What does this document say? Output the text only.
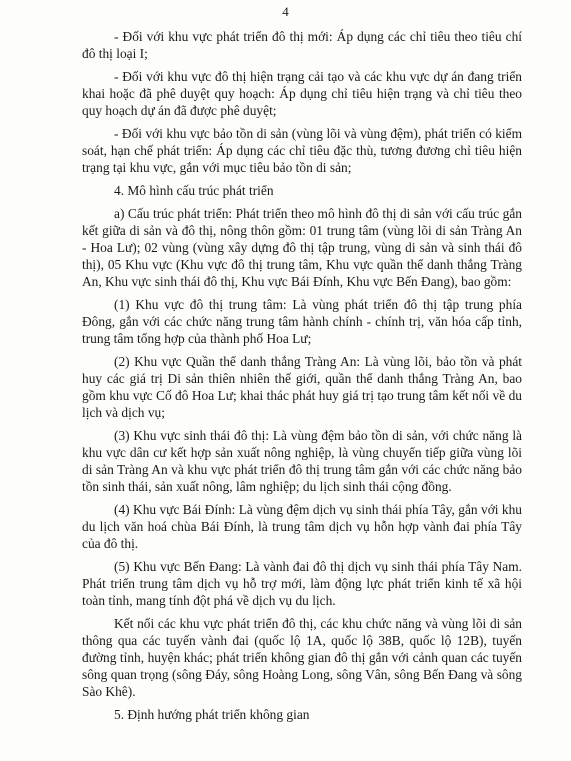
4

- Đối với khu vực phát triển đô thị mới: Áp dụng các chỉ tiêu theo tiêu chí đô thị loại I;

- Đối với khu vực đô thị hiện trạng cải tạo và các khu vực dự án đang triển khai hoặc đã phê duyệt quy hoạch: Áp dụng chỉ tiêu hiện trạng và chỉ tiêu theo quy hoạch dự án đã được phê duyệt;

- Đối với khu vực bảo tồn di sản (vùng lõi và vùng đệm), phát triển có kiểm soát, hạn chế phát triển: Áp dụng các chỉ tiêu đặc thù, tương đương chỉ tiêu hiện trạng tại khu vực, gắn với mục tiêu bảo tồn di sản;

4. Mô hình cấu trúc phát triển

a) Cấu trúc phát triển: Phát triển theo mô hình đô thị di sản với cấu trúc gắn kết giữa di sản và đô thị, nông thôn gồm: 01 trung tâm (vùng lõi di sản Tràng An - Hoa Lư); 02 vùng (vùng xây dựng đô thị tập trung, vùng di sản và sinh thái đô thị), 05 Khu vực (Khu vực đô thị trung tâm, Khu vực quần thể danh thắng Tràng An, Khu vực sinh thái đô thị, Khu vực Bái Đính, Khu vực Bến Đang), bao gồm:

(1) Khu vực đô thị trung tâm: Là vùng phát triển đô thị tập trung phía Đông, gắn với các chức năng trung tâm hành chính - chính trị, văn hóa cấp tỉnh, trung tâm tổng hợp của thành phố Hoa Lư;

(2) Khu vực Quần thể danh thắng Tràng An: Là vùng lõi, bảo tồn và phát huy các giá trị Di sản thiên nhiên thế giới, quần thể danh thắng Tràng An, bao gồm khu vực Cố đô Hoa Lư; khai thác phát huy giá trị tạo trung tâm kết nối về du lịch và dịch vụ;

(3) Khu vực sinh thái đô thị: Là vùng đệm bảo tồn di sản, với chức năng là khu vực dân cư kết hợp sản xuất nông nghiệp, là vùng chuyển tiếp giữa vùng lõi di sản Tràng An và khu vực phát triển đô thị trung tâm gắn với các chức năng bảo tồn sinh thái, sản xuất nông, lâm nghiệp; du lịch sinh thái cộng đồng.

(4) Khu vực Bái Đính: Là vùng đệm dịch vụ sinh thái phía Tây, gắn với khu du lịch văn hoá chùa Bái Đính, là trung tâm dịch vụ hỗn hợp vành đai phía Tây của đô thị.

(5) Khu vực Bến Đang: Là vành đai đô thị dịch vụ sinh thái phía Tây Nam. Phát triển trung tâm dịch vụ hỗ trợ mới, làm động lực phát triển kinh tế xã hội toàn tỉnh, mang tính đột phá về dịch vụ du lịch.

Kết nối các khu vực phát triển đô thị, các khu chức năng và vùng lõi di sản thông qua các tuyến vành đai (quốc lộ 1A, quốc lộ 38B, quốc lộ 12B), tuyến đường tỉnh, huyện khác; phát triển không gian đô thị gắn với cảnh quan các tuyến sông quan trọng (sông Đáy, sông Hoàng Long, sông Vân, sông Bến Đang và sông Sào Khê).

5. Định hướng phát triển không gian
